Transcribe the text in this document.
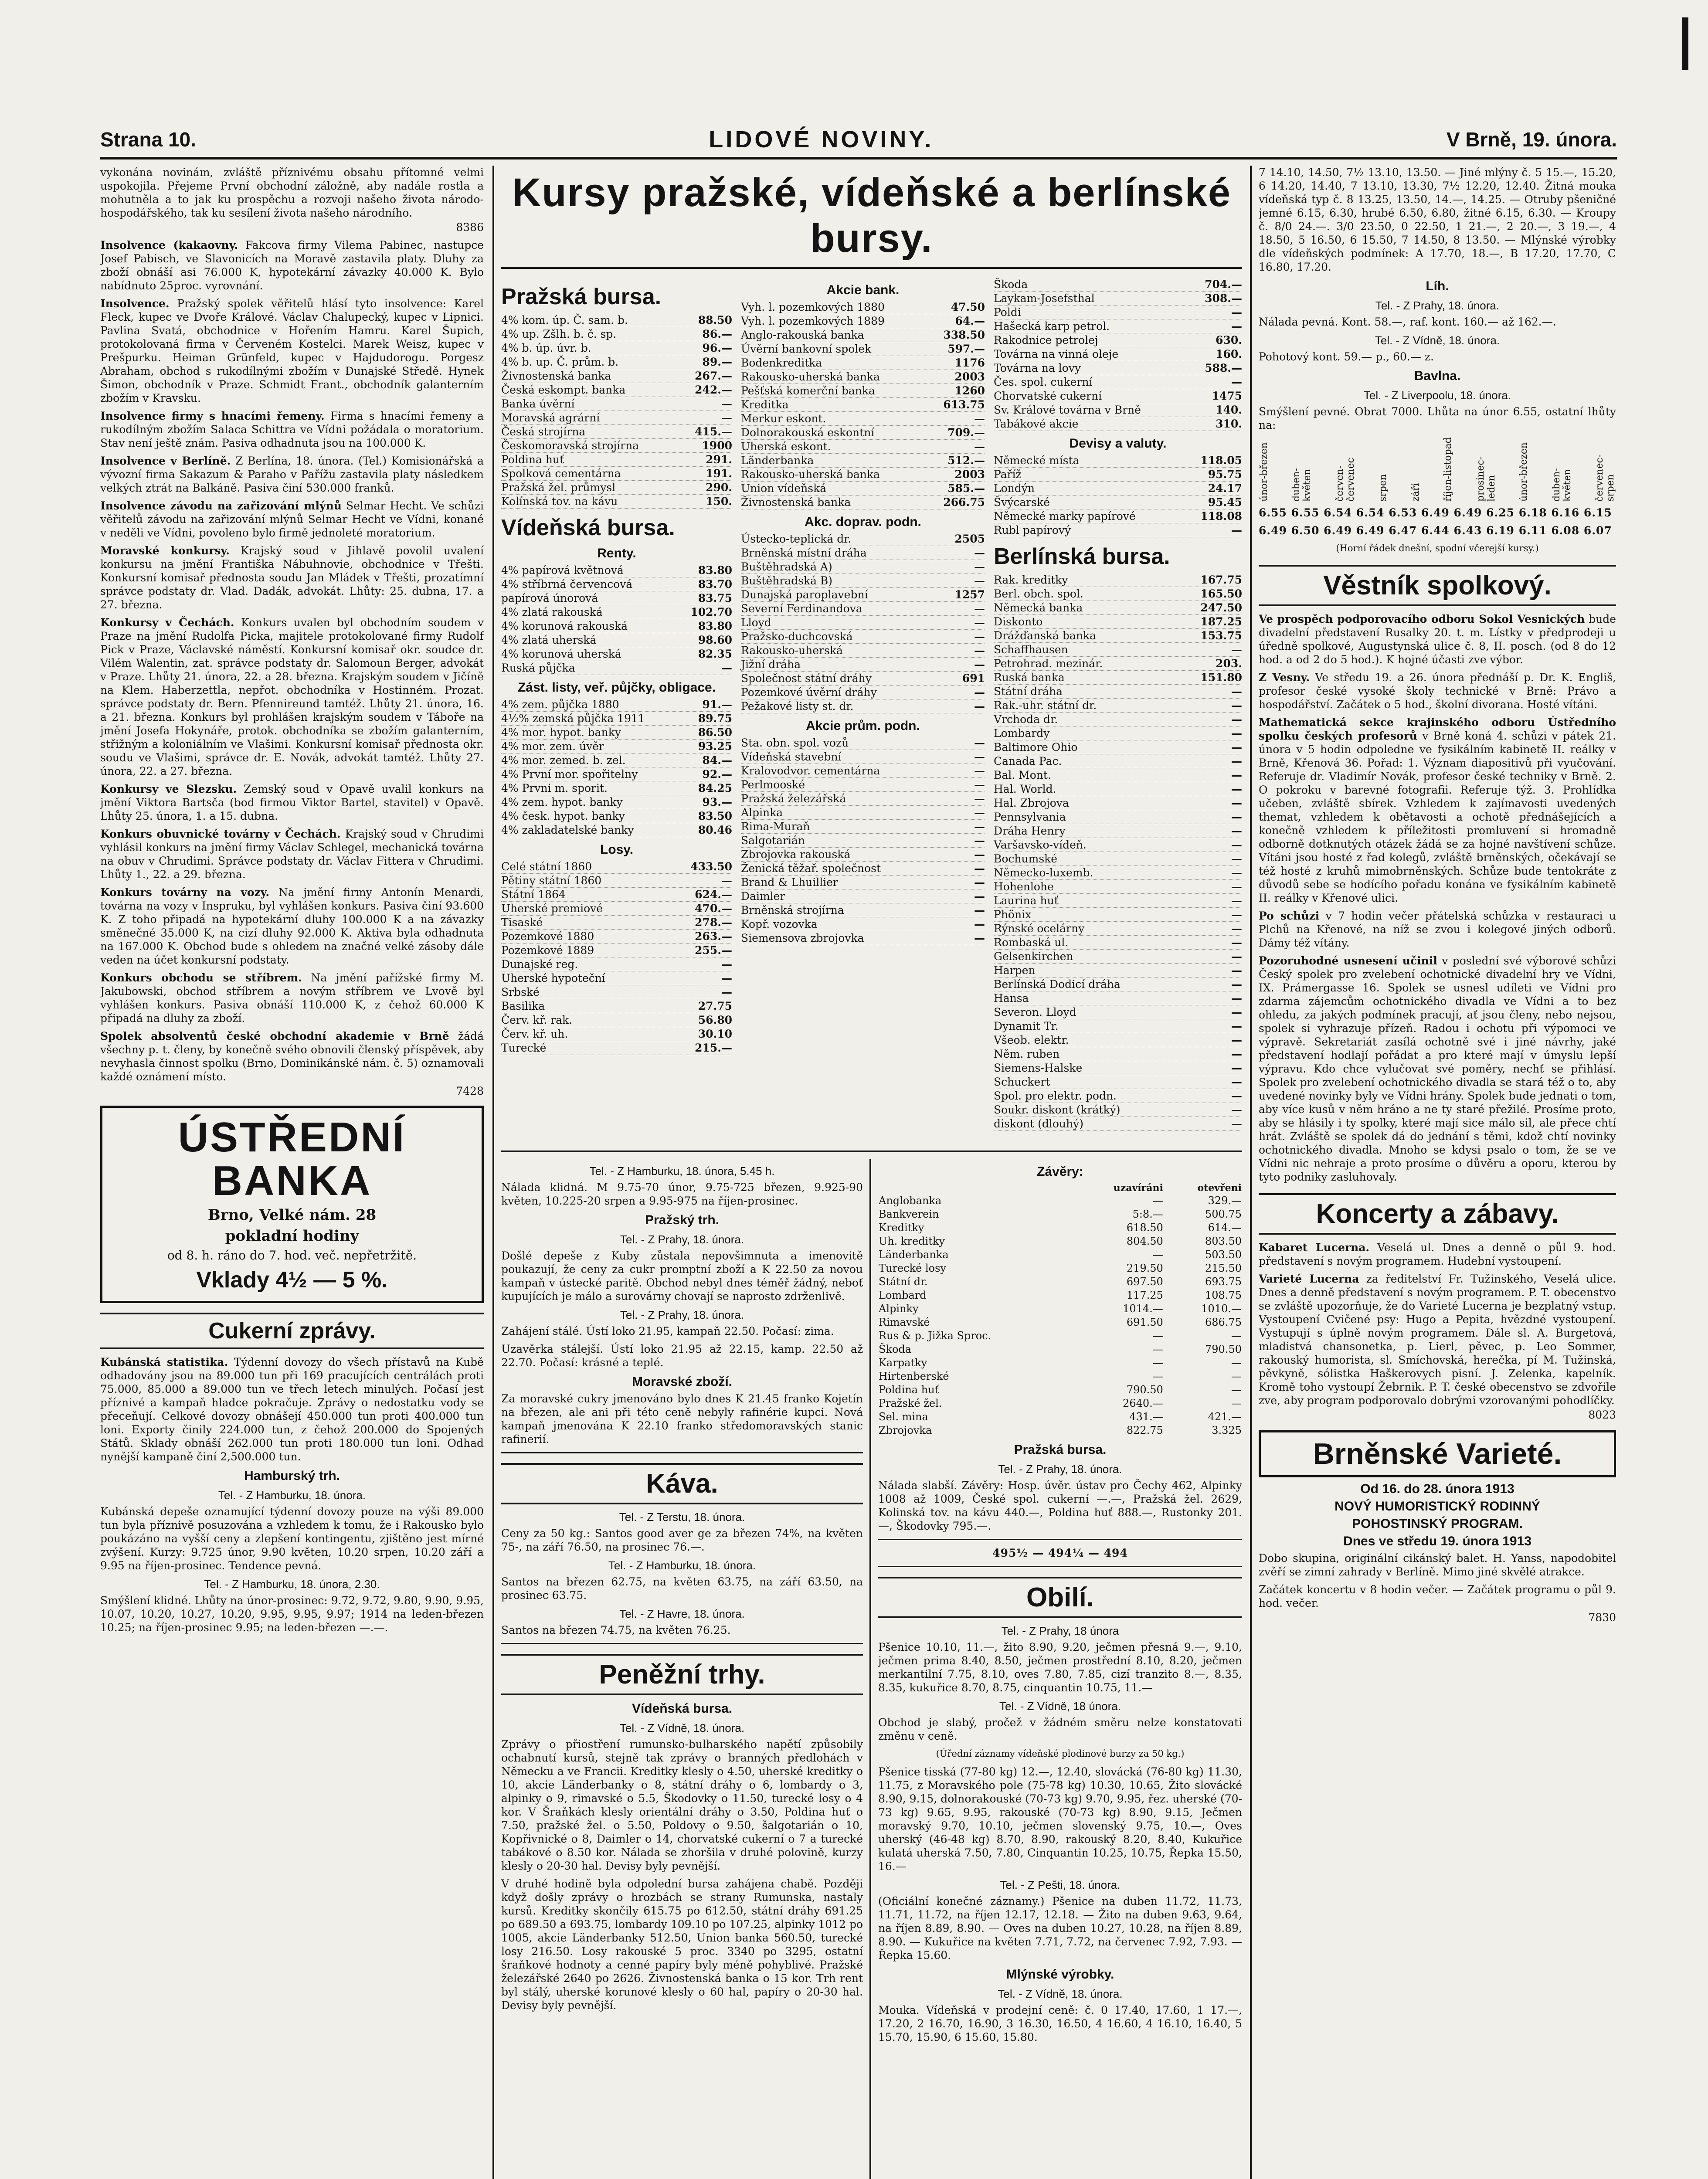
Strana 10.	LIDOVÉ NOVINY.	V Brně, 19. února.

vykonána novinám, zvláště příznivému obsahu přítomné velmi uspokojila. Přejeme První obchodní záložně, aby nadále rostla a mohutněla a to jak ku prospěchu a rozvoji našeho života národo-hospodářského, tak ku sesílení života našeho národního.

8386

Insolvence (kakaovny. Fakcova firmy Vilema Pabinec, nastupce Josef Pabisch, ve Slavonicích na Moravě zastavila platy. Dluhy za zboží obnáší asi 76.000 K, hypotekární závazky 40.000 K. Bylo nabídnuto 25proc. vyrovnání.

Insolvence. Pražský spolek věřitelů hlásí tyto insolvence: Karel Fleck, kupec ve Dvoře Králové. Václav Chalupecký, kupec v Lipnici. Pavlina Svatá, obchodnice v Hořením Hamru. Karel Šupich, protokolovaná firma v Červeném Kostelci. Marek Weisz, kupec v Prešpurku. Heiman Grünfeld, kupec v Hajdudorogu. Porgesz Abraham, obchod s rukodílnými zbožím v Dunajské Středě. Hynek Šimon, obchodník v Praze. Schmidt Frant., obchodník galanterním zbožím v Kravsku.

Insolvence firmy s hnacími řemeny. Firma s hnacími řemeny a rukodílným zbožím Salaca Schittra ve Vídni požádala o moratorium. Stav není ještě znám. Pasiva odhadnuta jsou na 100.000 K.

Insolvence v Berlíně. Z Berlína, 18. února. (Tel.) Komisionářská a vývozní firma Sakazum & Paraho v Pařížu zastavila platy následkem velkých ztrát na Balkáně. Pasiva činí 530.000 franků.

Insolvence závodu na zařizování mlýnů Selmar Hecht. Ve schůzi věřitelů závodu na zařizování mlýnů Selmar Hecht ve Vídni, konané v neděli ve Vídni, povoleno bylo firmě jednoleté moratorium.

Moravské konkursy. Krajský soud v Jihlavě povolil uvalení konkursu na jmění Františka Nábuhnovie, obchodnice v Třešti. Konkursní komisař přednosta soudu Jan Mládek v Třešti, prozatímní správce podstaty dr. Vlad. Dadák, advokát. Lhůty: 25. dubna, 17. a 27. března.

Konkursy v Čechách. Konkurs uvalen byl obchodním soudem v Praze na jmění Rudolfa Picka, majitele protokolované firmy Rudolf Pick v Praze, Václavské náměstí. Konkursní komisař okr. soudce dr. Vilém Walentin, zat. správce podstaty dr. Salomoun Berger, advokát v Praze. Lhůty 21. února, 22. a 28. března. Krajským soudem v Jičíně na Klem. Haberzettla, nepřot. obchodníka v Hostinném. Prozat. správce podstaty dr. Bern. Pfennireund tamtéž. Lhůty 21. února, 16. a 21. března. Konkurs byl prohlášen krajským soudem v Táboře na jmění Josefa Hokynáře, protok. obchodníka se zbožím galanterním, střižným a koloniálním ve Vlašimi. Konkursní komisař přednosta okr. soudu ve Vlašimi, správce dr. E. Novák, advokát tamtéž. Lhůty 27. února, 22. a 27. března.

Konkursy ve Slezsku. Zemský soud v Opavě uvalil konkurs na jmění Viktora Bartsča (bod firmou Viktor Bartel, stavitel) v Opavě. Lhůty 25. února, 1. a 15. dubna.

Konkurs obuvnické továrny v Čechách. Krajský soud v Chrudimi vyhlásil konkurs na jmění firmy Václav Schlegel, mechanická továrna na obuv v Chrudimi. Správce podstaty dr. Václav Fittera v Chrudimi. Lhůty 1., 22. a 29. března.

Konkurs továrny na vozy. Na jmění firmy Antonín Menardi, továrna na vozy v Inspruku, byl vyhlášen konkurs. Pasiva činí 93.600 K. Z toho připadá na hypotekární dluhy 100.000 K a na závazky směnečné 35.000 K, na cizí dluhy 92.000 K. Aktiva byla odhadnuta na 167.000 K. Obchod bude s ohledem na značné velké zásoby dále veden na účet konkursní podstaty.

Konkurs obchodu se stříbrem. Na jmění pařížské firmy M. Jakubowski, obchod stříbrem a novým stříbrem ve Lvově byl vyhlášen konkurs. Pasiva obnáší 110.000 K, z čehož 60.000 K připadá na dluhy za zboží.

Spolek absolventů české obchodní akademie v Brně žádá všechny p. t. členy, by konečně svého obnovili členský příspěvek, aby nevyhasla činnost spolku (Brno, Dominikánské nám. č. 5) oznamovali každé oznámení místo.

7428

ÚSTŘEDNÍ BANKA
Brno, Velké nám. 28
pokladní hodiny
od 8. h. ráno do 7. hod. več. nepřetržitě.
Vklady 4½ — 5 %.
Cukerní zprávy.

Kubánská statistika. Týdenní dovozy do všech přístavů na Kubě odhadovány jsou na 89.000 tun při 169 pracujících centrálách proti 75.000, 85.000 a 89.000 tun ve třech letech minulých. Počasí jest příznivé a kampaň hladce pokračuje. Zprávy o nedostatku vody se přeceňují. Celkové dovozy obnášejí 450.000 tun proti 400.000 tun loni. Exporty činily 224.000 tun, z čehož 200.000 do Spojených Států. Sklady obnáší 262.000 tun proti 180.000 tun loni. Odhad nynější kampaně činí 2,500.000 tun.

Hamburský trh.
Tel. - Z Hamburku, 18. února.

Kubánská depeše oznamující týdenní dovozy pouze na výši 89.000 tun byla příznivě posuzována a vzhledem k tomu, že i Rakousko bylo poukázáno na vyšší ceny a zlepšení kontingentu, zjištěno jest mírné zvýšení. Kurzy: 9.725 únor, 9.90 květen, 10.20 srpen, 10.20 září a 9.95 na říjen-prosinec. Tendence pevná.

Tel. - Z Hamburku, 18. února, 2.30.

Smýšlení klidné. Lhůty na únor-prosinec: 9.72, 9.72, 9.80, 9.90, 9.95, 10.07, 10.20, 10.27, 10.20, 9.95, 9.95, 9.97; 1914 na leden-březen 10.25; na říjen-prosinec 9.95; na leden-březen —.—.

Kursy pražské, vídeňské a berlínské bursy.
Pražská bursa.
4% kom. úp. Č. sam. b.	88.50
4% up. Zšlh. b. č. sp.	86.—
4% b. úp. úvr. b.	96.—
4% b. up. Č. prům. b.	89.—
Živnostenská banka	267.—
Česká eskompt. banka	242.—
Banka úvěrní	—
Moravská agrární	—
Česká strojírna	415.—
Českomoravská strojírna	1900
Poldina huť	291.
Spolková cementárna	191.
Pražská žel. průmysl	290.
Kolínská tov. na kávu	150.
Vídeňská bursa.
Renty.
4% papírová květnová	83.80
4% stříbrná červencová	83.70
papírová únorová	83.75
4% zlatá rakouská	102.70
4% korunová rakouská	83.80
4% zlatá uherská	98.60
4% korunová uherská	82.35
Ruská půjčka	—
Zást. listy, veř. půjčky, obligace.
4% zem. půjčka 1880	91.—
4½% zemská půjčka 1911	89.75
4% mor. hypot. banky	86.50
4% mor. zem. úvěr	93.25
4% mor. zemed. b. zel.	84.—
4% První mor. spořitelny	92.—
4% Prvni m. sporit.	84.25
4% zem. hypot. banky	93.—
4% česk. hypot. banky	83.50
4% zakladatelské banky	80.46
Losy.
Celé státní 1860	433.50
Pětiny státní 1860	—
Státní 1864	624.—
Uherské premiové	470.—
Tisaské	278.—
Pozemkové 1880	263.—
Pozemkové 1889	255.—
Dunajské reg.	—
Uherské hypoteční	—
Srbské	—
Basilika	27.75
Červ. kř. rak.	56.80
Červ. kř. uh.	30.10
Turecké	215.—
Akcie bank.
Vyh. l. pozemkových 1880	47.50
Vyh. l. pozemkových 1889	64.—
Anglo-rakouská banka	338.50
Úvěrní bankovní spolek	597.—
Bodenkreditka	1176
Rakousko-uherská banka	2003
Pešťská komerční banka	1260
Kreditka	613.75
Merkur eskont.	—
Dolnorakouská eskontní	709.—
Uherská eskont.	—
Länderbanka	512.—
Rakousko-uherská banka	2003
Union vídeňská	585.—
Živnostenská banka	266.75
Akc. doprav. podn.
Ústecko-teplická dr.	2505
Brněnská místní dráha	—
Buštěhradská A)	—
Buštěhradská B)	—
Dunajská paroplavební	1257
Severní Ferdinandova	—
Lloyd	—
Pražsko-duchcovská	—
Rakousko-uherská	—
Jižní dráha	—
Společnost státní dráhy	691
Pozemkové úvěrní dráhy	—
Pežakové listy st. dr.	—
Akcie prům. podn.
Sta. obn. spol. vozů	—
Vídeňská stavební	—
Kralovodvor. cementárna	—
Perlmooské	—
Pražská železářská	—
Alpinka	—
Rima-Muraň	—
Salgotarián	—
Zbrojovka rakouská	—
Ženická těžař. společnost	—
Brand & Lhuillier	—
Daimler	—
Brněnská strojírna	—
Kopř. vozovka	—
Siemensova zbrojovka	—
Škoda	704.—
Laykam-Josefsthal	308.—
Poldi	—
Hašecká karp petrol.	—
Rakodnice petrolej	630.
Továrna na vinná oleje	160.
Továrna na lovy	588.—
Čes. spol. cukerní	—
Chorvatské cukerní	1475
Sv. Králové továrna v Brně	140.
Tabákové akcie	310.
Devisy a valuty.
Německé místa	118.05
Paříž	95.75
Londýn	24.17
Švýcarské	95.45
Německé marky papírové	118.08
Rubl papírový	—
Berlínská bursa.
Rak. kreditky	167.75
Berl. obch. spol.	165.50
Německá banka	247.50
Diskonto	187.25
Drážďanská banka	153.75
Schaffhausen	—
Petrohrad. mezinár.	203.
Ruská banka	151.80
Státní dráha	—
Rak.-uhr. státní dr.	—
Vrchoda dr.	—
Lombardy	—
Baltimore Ohio	—
Canada Pac.	—
Bal. Mont.	—
Hal. World.	—
Hal. Zbrojova	—
Pennsylvania	—
Dráha Henry	—
Varšavsko-vídeň.	—
Bochumské	—
Německo-luxemb.	—
Hohenlohe	—
Laurina huť	—
Phönix	—
Rýnské ocelárny	—
Rombaská ul.	—
Gelsenkirchen	—
Harpen	—
Berlínská Dodicí dráha	—
Hansa	—
Severon. Lloyd	—
Dynamit Tr.	—
Všeob. elektr.	—
Něm. ruben	—
Siemens-Halske	—
Schuckert	—
Spol. pro elektr. podn.	—
Soukr. diskont (krátký)	—
diskont (dlouhý)	—
Tel. - Z Hamburku, 18. února, 5.45 h.

Nálada klidná. M 9.75-70 únor, 9.75-725 březen, 9.925-90 květen, 10.225-20 srpen a 9.95-975 na říjen-prosinec.

Pražský trh.
Tel. - Z Prahy, 18. února.

Došlé depeše z Kuby zůstala nepovšimnuta a imenovitě poukazují, že ceny za cukr promptní zboží a K 22.50 za novou kampaň v ústecké paritě. Obchod nebyl dnes téměř žádný, neboť kupujících je málo a surovárny chovají se naprosto zdrženlivě.

Tel. - Z Prahy, 18. února.

Zahájení stálé. Ústí loko 21.95, kampaň 22.50. Počasí: zima.

Uzavěrka stálejší. Ústí loko 21.95 až 22.15, kamp. 22.50 až 22.70. Počasí: krásné a teplé.

Moravské zboží.

Za moravské cukry jmenováno bylo dnes K 21.45 franko Kojetín na březen, ale ani při této ceně nebyly rafinérie kupci. Nová kampaň jmenována K 22.10 franko středomoravských stanic rafinerií.

Káva.
Tel. - Z Terstu, 18. února.

Ceny za 50 kg.: Santos good aver ge za březen 74%, na květen 75-, na září 76.50, na prosinec 76.—.

Tel. - Z Hamburku, 18. února.

Santos na březen 62.75, na květen 63.75, na září 63.50, na prosinec 63.75.

Tel. - Z Havre, 18. února.

Santos na březen 74.75, na květen 76.25.

Peněžní trhy.
Vídeňská bursa.
Tel. - Z Vídně, 18. února.

Zprávy o přiostření rumunsko-bulharského napětí způsobily ochabnutí kursů, stejně tak zprávy o branných předlohách v Německu a ve Francii. Kreditky klesly o 4.50, uherské kreditky o 10, akcie Länderbanky o 8, státní dráhy o 6, lombardy o 3, alpinky o 9, rimavské o 5.5, Škodovky o 11.50, turecké losy o 4 kor. V Šraňkách klesly orientální dráhy o 3.50, Poldina huť o 7.50, pražské žel. o 5.50, Poldovy o 9.50, šalgotarián o 10, Kopřivnické o 8, Daimler o 14, chorvatské cukerní o 7 a turecké tabákové o 8.50 kor. Nálada se zhoršila v druhé polovině, kurzy klesly o 20-30 hal. Devisy byly pevnější.

V druhé hodině byla odpolední bursa zahájena chabě. Později když došly zprávy o hrozbách se strany Rumunska, nastaly kursů. Kreditky skončily 615.75 po 612.50, státní dráhy 691.25 po 689.50 a 693.75, lombardy 109.10 po 107.25, alpinky 1012 po 1005, akcie Länderbanky 512.50, Union banka 560.50, turecké losy 216.50. Losy rakouské 5 proc. 3340 po 3295, ostatní šraňkové hodnoty a cenné papíry byly méně pohyblivé. Pražské železářské 2640 po 2626. Živnostenská banka o 15 kor. Trh rent byl stálý, uherské korunové klesly o 60 hal, papíry o 20-30 hal. Devisy byly pevnější.

Závěry:
	uzavíráni	otevřeni
Anglobanka	—	329.—
Bankverein	5:8.—	500.75
Kreditky	618.50	614.—
Uh. kreditky	804.50	803.50
Länderbanka	—	503.50
Turecké losy	219.50	215.50
Státní dr.	697.50	693.75
Lombard	117.25	108.75
Alpinky	1014.—	1010.—
Rimavské	691.50	686.75
Rus & p. Jižka Sproc.	—	—
Škoda	—	790.50
Karpatky	—	—
Hirtenberské	—	—
Poldina huť	790.50	—
Pražské žel.	2640.—	—
Sel. mina	431.—	421.—
Zbrojovka	822.75	3.325
Pražská bursa.
Tel. - Z Prahy, 18. února.

Nálada slabší. Závěry: Hosp. úvěr. ústav pro Čechy 462, Alpinky 1008 až 1009, České spol. cukerní —.—, Pražská žel. 2629, Kolinská tov. na kávu 440.—, Poldina huť 888.—, Rustonky 201.—, Škodovky 795.—.

495½ — 494¼ — 494

Obilí.
Tel. - Z Prahy, 18 února

Pšenice 10.10, 11.—, žito 8.90, 9.20, ječmen přesná 9.—, 9.10, ječmen prima 8.40, 8.50, ječmen prostřední 8.10, 8.20, ječmen merkantilní 7.75, 8.10, oves 7.80, 7.85, cizí tranzito 8.—, 8.35, 8.35, kukuřice 8.70, 8.75, cinquantin 10.75, 11.—

Tel. - Z Vídně, 18 února.

Obchod je slabý, pročež v žádném směru nelze konstatovati změnu v ceně.

(Úřední záznamy vídeňské plodinové burzy za 50 kg.)

Pšenice tisská (77-80 kg) 12.—, 12.40, slovácká (76-80 kg) 11.30, 11.75, z Moravského pole (75-78 kg) 10.30, 10.65, Žito slovácké 8.90, 9.15, dolnorakouské (70-73 kg) 9.70, 9.95, řez. uherské (70-73 kg) 9.65, 9.95, rakouské (70-73 kg) 8.90, 9.15, Ječmen moravský 9.70, 10.10, ječmen slovenský 9.75, 10.—, Oves uherský (46-48 kg) 8.70, 8.90, rakouský 8.20, 8.40, Kukuřice kulatá uherská 7.50, 7.80, Cinquantin 10.25, 10.75, Řepka 15.50, 16.—

Tel. - Z Pešti, 18. února.

(Oficiální konečné záznamy.) Pšenice na duben 11.72, 11.73, 11.71, 11.72, na říjen 12.17, 12.18. — Žito na duben 9.63, 9.64, na říjen 8.89, 8.90. — Oves na duben 10.27, 10.28, na říjen 8.89, 8.90. — Kukuřice na květen 7.71, 7.72, na červenec 7.92, 7.93. — Řepka 15.60.

Mlýnské výrobky.
Tel. - Z Vídně, 18. února.

Mouka. Vídeňská v prodejní ceně: č. 0 17.40, 17.60, 1 17.—, 17.20, 2 16.70, 16.90, 3 16.30, 16.50, 4 16.60, 4 16.10, 16.40, 5 15.70, 15.90, 6 15.60, 15.80.

7 14.10, 14.50, 7½ 13.10, 13.50. — Jiné mlýny č. 5 15.—, 15.20, 6 14.20, 14.40, 7 13.10, 13.30, 7½ 12.20, 12.40. Žitná mouka vídeňská typ č. 8 13.25, 13.50, 14.—, 14.25. — Otruby pšeničné jemné 6.15, 6.30, hrubé 6.50, 6.80, žitné 6.15, 6.30. — Kroupy č. 8/0 24.—. 3/0 23.50, 0 22.50, 1 21.—, 2 20.—, 3 19.—, 4 18.50, 5 16.50, 6 15.50, 7 14.50, 8 13.50. — Mlýnské výrobky dle vídeňských podmínek: A 17.70, 18.—, B 17.20, 17.70, C 16.80, 17.20.

Líh.
Tel. - Z Prahy, 18. února.

Nálada pevná. Kont. 58.—, raf. kont. 160.— až 162.—.

Tel. - Z Vídně, 18. února.

Pohotový kont. 59.— p., 60.— z.

Bavlna.
Tel. - Z Liverpoolu, 18. února.

Smýšlení pevné. Obrat 7000. Lhůta na únor 6.55, ostatní lhůty na:

únor-březen duben-květen červen-červenec srpen září říjen-listopad prosinec-leden únor-březen duben-květen červenec-srpen

6.55 6.55 6.54 6.54 6.53 6.49 6.49 6.25 6.18 6.16 6.15

6.49 6.50 6.49 6.49 6.47 6.44 6.43 6.19 6.11 6.08 6.07

(Horní řádek dnešní, spodní včerejší kursy.)

Věstník spolkový.

Ve prospěch podporovacího odboru Sokol Vesnických bude divadelní představení Rusalky 20. t. m. Lístky v předprodeji u úředně spolkové, Augustynská ulice č. 8, II. posch. (od 8 do 12 hod. a od 2 do 5 hod.). K hojné účasti zve výbor.

Z Vesny. Ve středu 19. a 26. února přednáší p. Dr. K. Engliš, profesor české vysoké školy technické v Brně: Právo a hospodářství. Začátek o 5 hod., školní divorana. Hosté vítáni.

Mathematická sekce krajinského odboru Ústředního spolku českých profesorů v Brně koná 4. schůzi v pátek 21. února v 5 hodin odpoledne ve fysikálním kabinetě II. reálky v Brně, Křenová 36. Pořad: 1. Význam diapositivů při vyučování. Referuje dr. Vladimír Novák, profesor české techniky v Brně. 2. O pokroku v barevné fotografii. Referuje týž. 3. Prohlídka učeben, zvláště sbírek. Vzhledem k zajímavosti uvedených themat, vzhledem k obětavosti a ochotě přednášejících a konečně vzhledem k příležitosti promluvení si hromadně odborně dotknutých otázek žádá se za hojné navštívení schůze. Vítáni jsou hosté z řad kolegů, zvláště brněnských, očekávají se též hosté z kruhů mimobrněnských. Schůze bude tentokráte z důvodů sebe se hodícího pořadu konána ve fysikálním kabinetě II. reálky v Křenové ulici.

Po schůzi v 7 hodin večer přátelská schůzka v restauraci u Plchů na Křenové, na níž se zvou i kolegové jiných odborů. Dámy též vítány.

Pozoruhodné usnesení učinil v poslední své výborové schůzi Český spolek pro zvelebení ochotnické divadelní hry ve Vídni, IX. Prámergasse 16. Spolek se usnesl udíleti ve Vídni pro zdarma zájemcům ochotnického divadla ve Vídni a to bez ohledu, za jakých podmínek pracují, ať jsou členy, nebo nejsou, spolek si vyhrazuje přízeň. Radou i ochotu při výpomoci ve výpravě. Sekretariát zasílá ochotně své i jiné návrhy, jaké představení hodlají pořádat a pro které mají v úmyslu lepší výpravu. Kdo chce vylučovat své poměry, nechť se přihlásí. Spolek pro zvelebení ochotnického divadla se stará též o to, aby uvedené novinky byly ve Vídni hrány. Spolek bude jednati o tom, aby více kusů v něm hráno a ne ty staré přežilé. Prosíme proto, aby se hlásily i ty spolky, které mají sice málo sil, ale přece chtí hrát. Zvláště se spolek dá do jednání s těmi, kdož chtí novinky ochotnického divadla. Mnoho se kdysi psalo o tom, že se ve Vídni nic nehraje a proto prosíme o důvěru a oporu, kterou by tyto podniky zasluhovaly.

Koncerty a zábavy.

Kabaret Lucerna. Veselá ul. Dnes a denně o půl 9. hod. představení s novým programem. Hudební vystoupení.

Varieté Lucerna za ředitelství Fr. Tužinského, Veselá ulice. Dnes a denně představení s novým programem. P. T. obecenstvo se zvláště upozorňuje, že do Varieté Lucerna je bezplatný vstup. Vystoupení Cvičené psy: Hugo a Pepita, hvězdné vystoupení. Vystupují s úplně novým programem. Dále sl. A. Burgetová, mladistvá chansonetka, p. Lierl, pěvec, p. Leo Sommer, rakouský humorista, sl. Smíchovská, herečka, pí M. Tužinská, pěvkyně, sólistka Haškerovych pisní. J. Zelenka, kapelník. Kromě toho vystoupí Žebrnik. P. T. české obecenstvo se zdvořile zve, aby program podporovalo dobrými vzorovanými pohodlíčky.

8023

Brněnské Varieté.
Od 16. do 28. února 1913
NOVÝ HUMORISTICKÝ RODINNÝ
POHOSTINSKÝ PROGRAM.
Dnes ve středu 19. února 1913

Dobo skupina, originální cikánský balet. H. Yanss, napodobitel zvěří se zimní zahrady v Berlíně. Mimo jiné skvělé atrakce.

Začátek koncertu v 8 hodin večer. — Začátek programu o půl 9. hod. večer.

7830
